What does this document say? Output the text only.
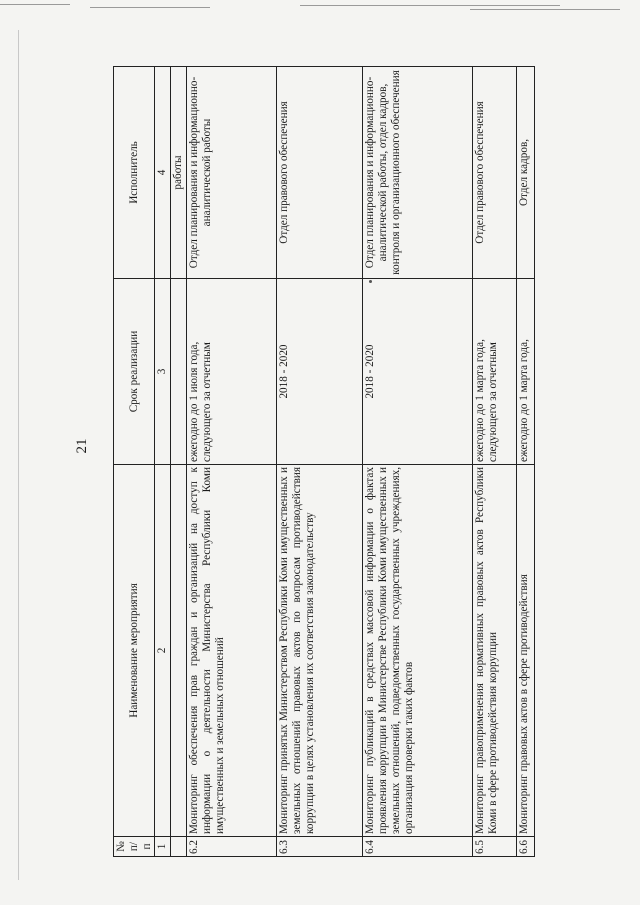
21
№ п/п	Наименование мероприятия	Срок реализации	Исполнитель
1	2	3	4
			работы
6.2	Мониторинг обеспечения прав граждан и организаций на доступ к информации о деятельности Министерства Республики Коми имущественных и земельных отношений	ежегодно до 1 июля года, следующего за отчетным	Отдел планирования и информационно-аналитической работы
6.3	Мониторинг принятых Министерством Республики Коми имущественных и земельных отношений правовых актов по вопросам противодействия коррупции в целях установления их соответствия законодательству	2018 - 2020	Отдел правового обеспечения
6.4	Мониторинг публикаций в средствах массовой информации о фактах проявления коррупции в Министерстве Республики Коми имущественных и земельных отношений, подведомственных государственных учреждениях, организация проверки таких фактов	2018 - 2020	Отдел планирования и информационно-аналитической работы, отдел кадров, контроля и организационного обеспечения
6.5	Мониторинг правоприменения нормативных правовых актов Республики Коми в сфере противодействия коррупции	ежегодно до 1 марта года, следующего за отчетным	Отдел правового обеспечения
6.6	Мониторинг правовых актов в сфере противодействия	ежегодно до 1 марта года,	Отдел кадров,
